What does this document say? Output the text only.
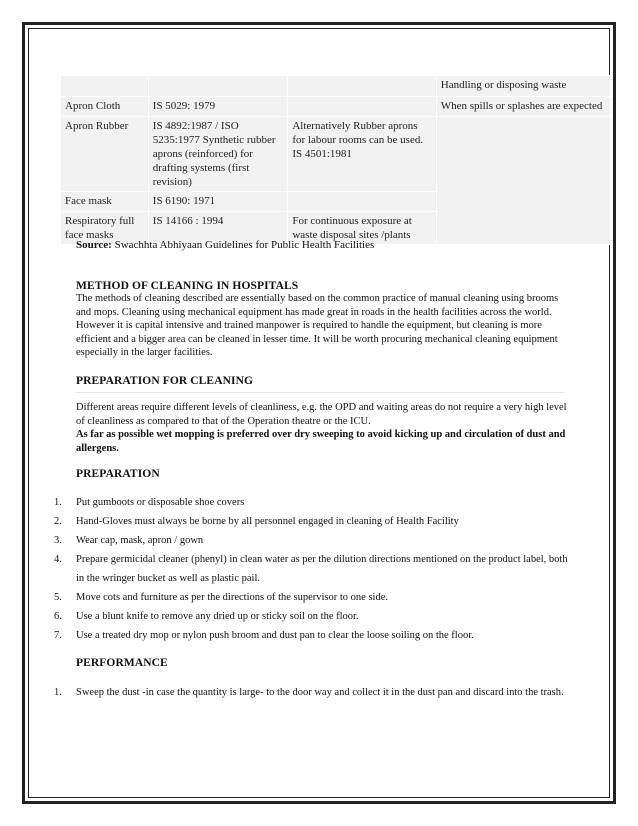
			Handling or disposing waste
Apron Cloth	IS 5029: 1979		When spills or splashes are expected
Apron Rubber	IS 4892:1987 / ISO 5235:1977 Synthetic rubber aprons (reinforced) for drafting systems (first revision)	Alternatively Rubber aprons for labour rooms can be used. IS 4501:1981	
Face mask	IS 6190: 1971		
Respiratory full face masks	IS 14166 : 1994	For continuous exposure at waste disposal sites /plants	
Source: Swachhta Abhiyaan Guidelines for Public Health Facilities
METHOD OF CLEANING IN HOSPITALS

The methods of cleaning described are essentially based on the common practice of manual cleaning using brooms and mops. Cleaning using mechanical equipment has made great in roads in the health facilities across the world. However it is capital intensive and trained manpower is required to handle the equipment, but cleaning is more efficient and a bigger area can be cleaned in lesser time. It will be worth procuring mechanical cleaning equipment especially in the larger facilities.

PREPARATION FOR CLEANING

Different areas require different levels of cleanliness, e.g. the OPD and waiting areas do not require a very high level of cleanliness as compared to that of the Operation theatre or the ICU.

As far as possible wet mopping is preferred over dry sweeping to avoid kicking up and circulation of dust and allergens.

PREPARATION
1. Put gumboots or disposable shoe covers
2. Hand-Gloves must always be borne by all personnel engaged in cleaning of Health Facility
3. Wear cap, mask, apron / gown
4. Prepare germicidal cleaner (phenyl) in clean water as per the dilution directions mentioned on the product label, both in the wringer bucket as well as plastic pail.
5. Move cots and furniture as per the directions of the supervisor to one side.
6. Use a blunt knife to remove any dried up or sticky soil on the floor.
7. Use a treated dry mop or nylon push broom and dust pan to clear the loose soiling on the floor.
PERFORMANCE
1. Sweep the dust -in case the quantity is large- to the door way and collect it in the dust pan and discard into the trash.
